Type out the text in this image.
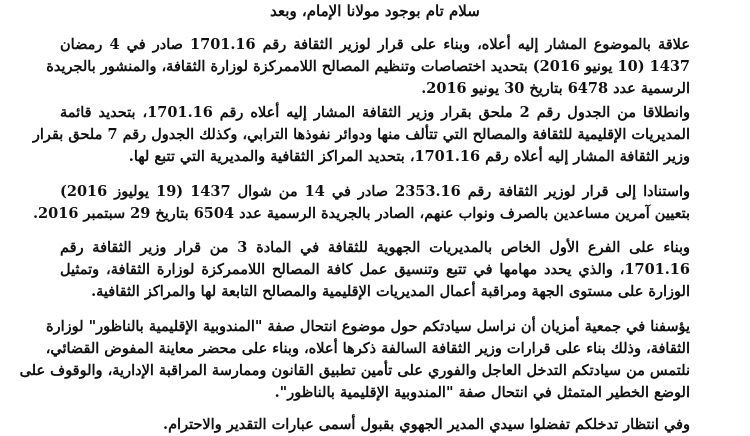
سلام تام بوجود مولانا الإمام، وبعد
علاقة بالموضوع المشار إليه أعلاه، وبناء على قرار لوزير الثقافة رقم 1701.16 صادر في 4 رمضان
1437 (10 يونيو 2016) بتحديد اختصاصات وتنظيم المصالح اللاممركزة لوزارة الثقافة، والمنشور بالجريدة
الرسمية عدد 6478 بتاريخ 30 يونيو 2016.
وانطلاقا من الجدول رقم 2 ملحق بقرار وزير الثقافة المشار إليه أعلاه رقم 1701.16، بتحديد قائمة
المديريات الإقليمية للثقافة والمصالح التي تتألف منها ودوائر نفوذها الترابي، وكذلك الجدول رقم 7 ملحق بقرار
وزير الثقافة المشار إليه أعلاه رقم 1701.16، بتحديد المراكز الثقافية والمديرية التي تتبع لها.
واستنادا إلى قرار لوزير الثقافة رقم 2353.16 صادر في 14 من شوال 1437 (19 يوليوز 2016)
بتعيين آمرين مساعدين بالصرف ونواب عنهم، الصادر بالجريدة الرسمية عدد 6504 بتاريخ 29 سبتمبر 2016.
وبناء على الفرع الأول الخاص بالمديريات الجهوية للثقافة في المادة 3 من قرار وزير الثقافة رقم
1701.16، والذي يحدد مهامها في تتبع وتنسيق عمل كافة المصالح اللاممركزة لوزارة الثقافة، وتمثيل
الوزارة على مستوى الجهة ومراقبة أعمال المديريات الإقليمية والمصالح التابعة لها والمراكز الثقافية.
يؤسفنا في جمعية أمزيان أن نراسل سيادتكم حول موضوع انتحال صفة "المندوبية الإقليمية بالناظور" لوزارة
الثقافة، وذلك بناء على قرارات وزير الثقافة السالفة ذكرها أعلاه، وبناء على محضر معاينة المفوض القضائي،
نلتمس من سيادتكم التدخل العاجل والفوري على تأمين تطبيق القانون وممارسة المراقبة الإدارية، والوقوف على
الوضع الخطير المتمثل في انتحال صفة "المندوبية الإقليمية بالناظور".
وفي انتظار تدخلكم تفضلوا سيدي المدير الجهوي بقبول أسمى عبارات التقدير والاحترام.
